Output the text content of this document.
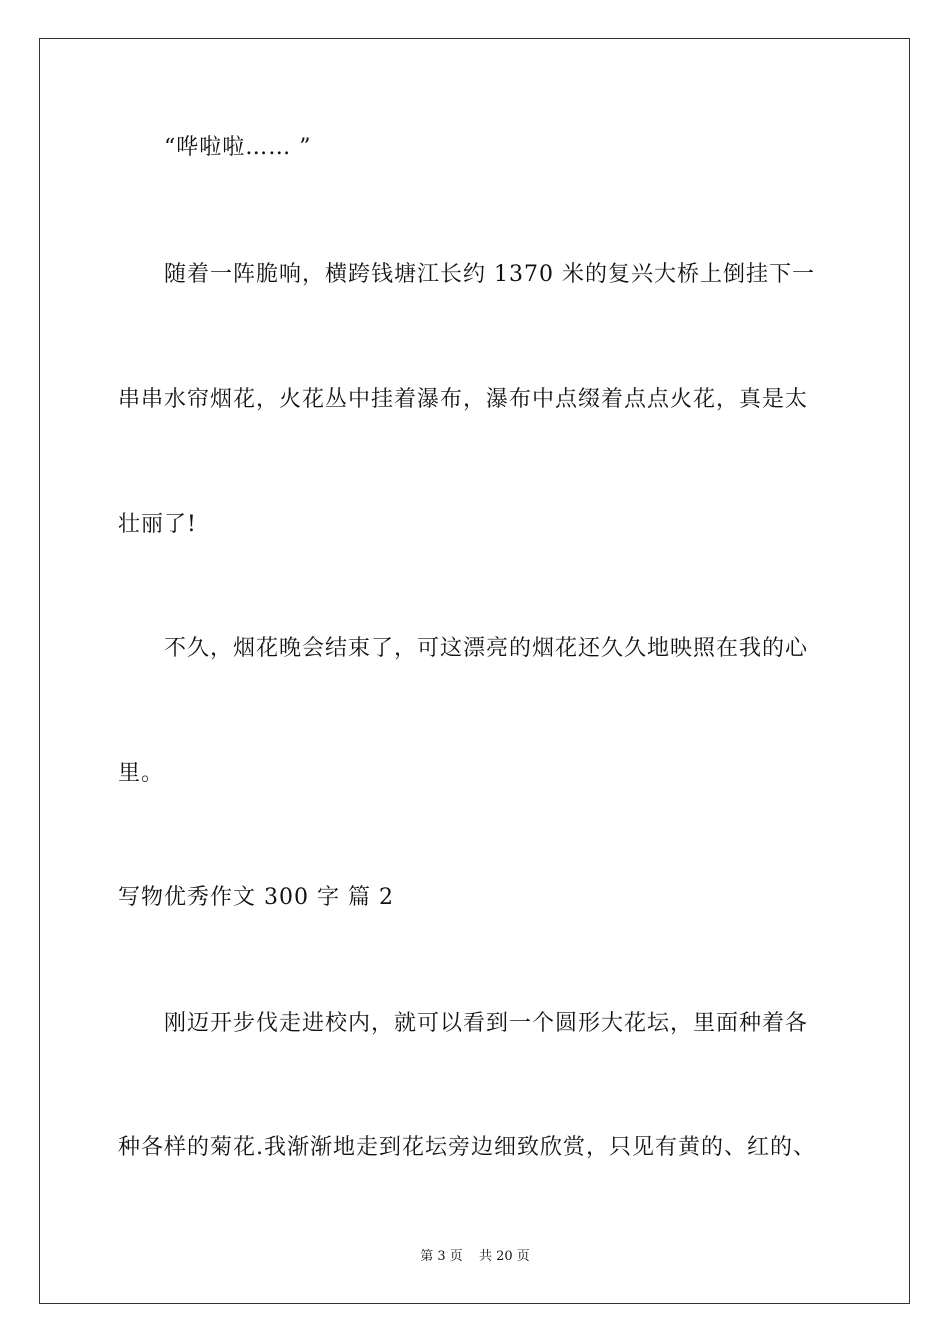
“哗啦啦…… ”
随着一阵脆响，横跨钱塘江长约 1370 米的复兴大桥上倒挂下一
串串水帘烟花，火花丛中挂着瀑布，瀑布中点缀着点点火花，真是太
壮丽了!
不久，烟花晚会结束了，可这漂亮的烟花还久久地映照在我的心
里。
写物优秀作文 300 字 篇 2
刚迈开步伐走进校内，就可以看到一个圆形大花坛，里面种着各
种各样的菊花.我渐渐地走到花坛旁边细致欣赏，只见有黄的、红的、
第 3 页 共 20 页
